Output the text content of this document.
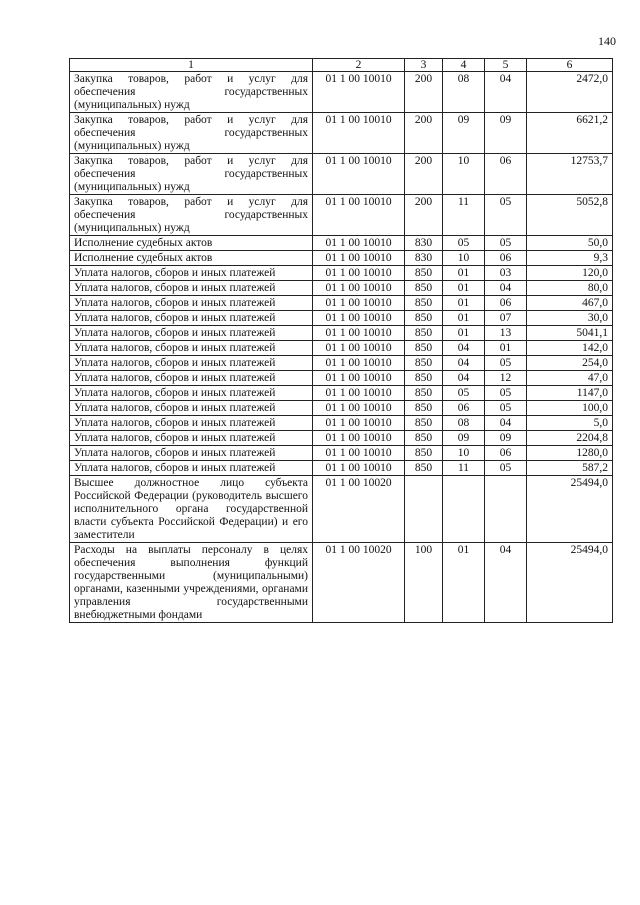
140
1	2	3	4	5	6
Закупка товаров, работ и услуг для обеспечения государственных (муниципальных) нужд	01 1 00 10010	200	08	04	2472,0
Закупка товаров, работ и услуг для обеспечения государственных (муниципальных) нужд	01 1 00 10010	200	09	09	6621,2
Закупка товаров, работ и услуг для обеспечения государственных (муниципальных) нужд	01 1 00 10010	200	10	06	12753,7
Закупка товаров, работ и услуг для обеспечения государственных (муниципальных) нужд	01 1 00 10010	200	11	05	5052,8
Исполнение судебных актов	01 1 00 10010	830	05	05	50,0
Исполнение судебных актов	01 1 00 10010	830	10	06	9,3
Уплата налогов, сборов и иных платежей	01 1 00 10010	850	01	03	120,0
Уплата налогов, сборов и иных платежей	01 1 00 10010	850	01	04	80,0
Уплата налогов, сборов и иных платежей	01 1 00 10010	850	01	06	467,0
Уплата налогов, сборов и иных платежей	01 1 00 10010	850	01	07	30,0
Уплата налогов, сборов и иных платежей	01 1 00 10010	850	01	13	5041,1
Уплата налогов, сборов и иных платежей	01 1 00 10010	850	04	01	142,0
Уплата налогов, сборов и иных платежей	01 1 00 10010	850	04	05	254,0
Уплата налогов, сборов и иных платежей	01 1 00 10010	850	04	12	47,0
Уплата налогов, сборов и иных платежей	01 1 00 10010	850	05	05	1147,0
Уплата налогов, сборов и иных платежей	01 1 00 10010	850	06	05	100,0
Уплата налогов, сборов и иных платежей	01 1 00 10010	850	08	04	5,0
Уплата налогов, сборов и иных платежей	01 1 00 10010	850	09	09	2204,8
Уплата налогов, сборов и иных платежей	01 1 00 10010	850	10	06	1280,0
Уплата налогов, сборов и иных платежей	01 1 00 10010	850	11	05	587,2
Высшее должностное лицо субъекта Российской Федерации (руководитель высшего исполнительного органа государственной власти субъекта Российской Федерации) и его заместители	01 1 00 10020				25494,0
Расходы на выплаты персоналу в целях обеспечения выполнения функций государственными (муниципальными) органами, казенными учреждениями, органами управления государственными внебюджетными фондами	01 1 00 10020	100	01	04	25494,0
